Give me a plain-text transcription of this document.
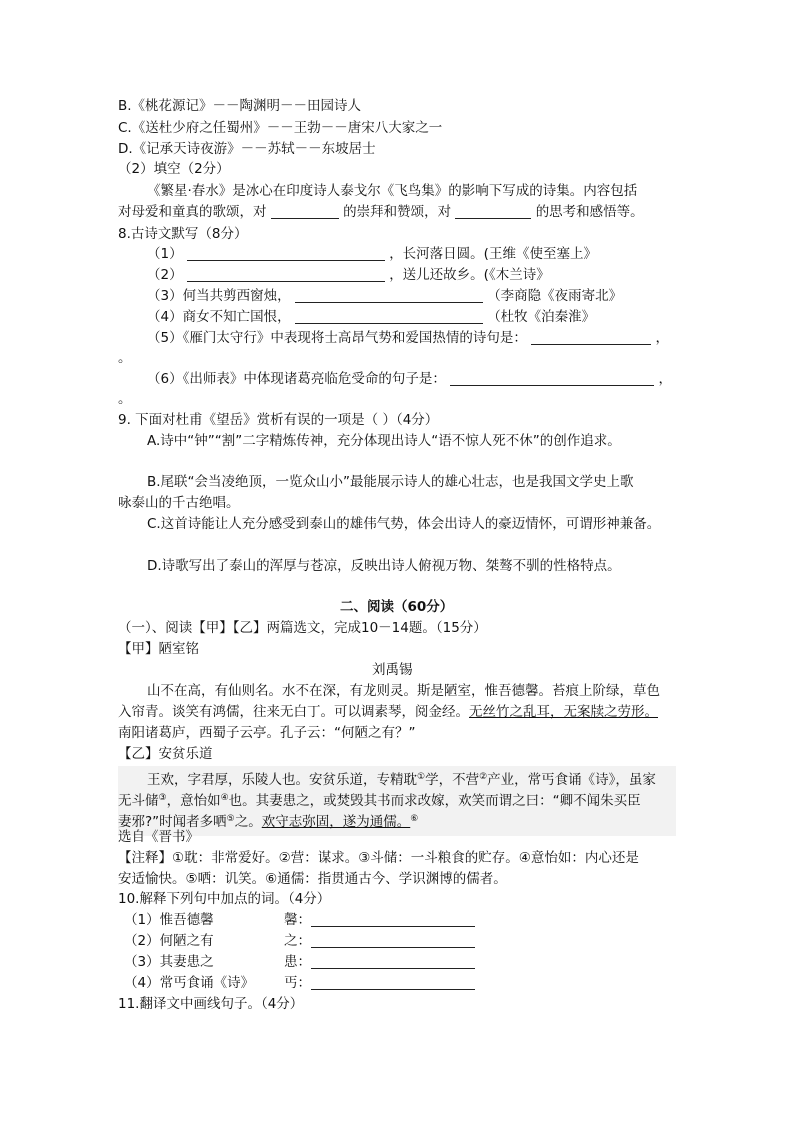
B.《桃花源记》－－陶渊明－－田园诗人
C.《送杜少府之任蜀州》－－王勃－－唐宋八大家之一
D.《记承天诗夜游》－－苏轼－－东坡居士
（2）填空（2分）
《繁星·春水》是冰心在印度诗人泰戈尔《飞鸟集》的影响下写成的诗集。内容包括
对母爱和童真的歌颂，对	的崇拜和赞颂，对	的思考和感悟等。
8.古诗文默写（8分）
（1）	，长河落日圆。(王维《使至塞上》
（2）	，送儿还故乡。(《木兰诗》
（3）何当共剪西窗烛，	（李商隐《夜雨寄北》
（4）商女不知亡国恨，	（杜牧《泊秦淮》
（5）《雁门太守行》中表现将士高昂气势和爱国热情的诗句是：	，
。
（6）《出师表》中体现诸葛亮临危受命的句子是：	，
。
9. 下面对杜甫《望岳》赏析有误的一项是（ ）（4分）
A.诗中“钟”“割”二字精炼传神，充分体现出诗人“语不惊人死不休”的创作追求。
B.尾联“会当凌绝顶，一览众山小”最能展示诗人的雄心壮志，也是我国文学史上歌
咏泰山的千古绝唱。
C.这首诗能让人充分感受到泰山的雄伟气势，体会出诗人的豪迈情怀，可谓形神兼备。
D.诗歌写出了泰山的浑厚与苍凉，反映出诗人俯视万物、桀骜不驯的性格特点。
二、阅读（60分）
（一）、阅读【甲】【乙】两篇选文，完成10－14题。（15分）
【甲】陋室铭
刘禹锡
山不在高，有仙则名。水不在深，有龙则灵。斯是陋室，惟吾德馨。苔痕上阶绿，草色
入帘青。谈笑有鸿儒，往来无白丁。可以调素琴，阅金经。无丝竹之乱耳，无案牍之劳形。
南阳诸葛庐，西蜀子云亭。孔子云：“何陋之有？”
【乙】安贫乐道
王欢，字君厚，乐陵人也。安贫乐道，专精耽①学，不营②产业，常丐食诵《诗》，虽家
无斗储③，意怡如④也。其妻患之，或焚毁其书而求改嫁，欢笑而谓之曰：“卿不闻朱买臣
妻邪?”时闻者多哂⑤之。欢守志弥固，遂为通儒。⑥
选自《晋书》
【注释】①耽：非常爱好。②营：谋求。③斗储：一斗粮食的贮存。④意怡如：内心还是
安适愉快。⑤哂：讥笑。⑥通儒：指贯通古今、学识渊博的儒者。
10.解释下列句中加点的词。（4分）
（1）惟吾德馨	馨：
（2）何陋之有	之：
（3）其妻患之	患：
（4）常丐食诵《诗》 丐：
11.翻译文中画线句子。（4分）
